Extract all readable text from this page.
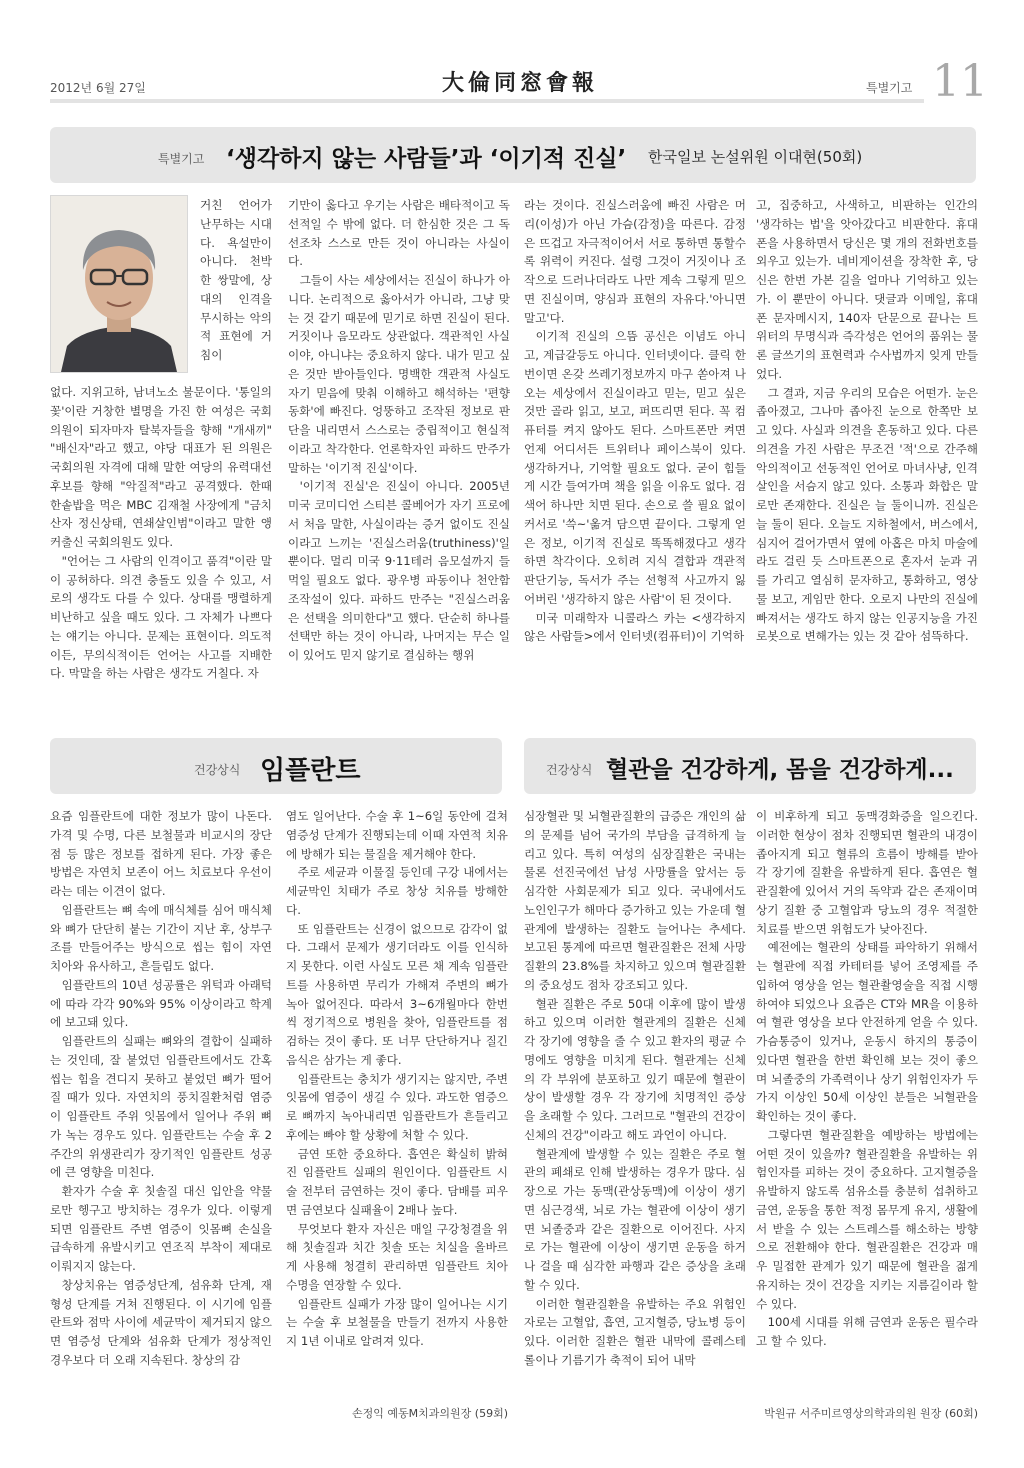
2012년 6월 27일	大倫同窓會報	특별기고 11
특별기고 ‘생각하지 않는 사람들’과 ‘이기적 진실’ 한국일보 논설위원 이대현(50회)

거친 언어가 난무하는 시대다. 욕설만이 아니다. 천박한 쌍말에, 상대의 인격을 무시하는 악의적 표현에 거침이

없다. 지위고하, 남녀노소 불문이다. '통일의 꽃'이란 거창한 별명을 가진 한 여성은 국회의원이 되자마자 탈북자들을 향해 "개새끼" "배신자"라고 했고, 야당 대표가 된 의원은 국회의원 자격에 대해 말한 여당의 유력대선후보를 향해 "악질적"라고 공격했다. 한때 한솥밥을 먹은 MBC 김재철 사장에게 "금치산자 정신상태, 연쇄살인범"이라고 말한 앵커출신 국회의원도 있다.

"언어는 그 사람의 인격이고 품격"이란 말이 공허하다. 의견 충돌도 있을 수 있고, 서로의 생각도 다를 수 있다. 상대를 맹렬하게 비난하고 싶을 때도 있다. 그 자체가 나쁘다는 얘기는 아니다. 문제는 표현이다. 의도적이든, 무의식적이든 언어는 사고를 지배한다. 막말을 하는 사람은 생각도 거칠다. 자

기만이 옳다고 우기는 사람은 배타적이고 독선적일 수 밖에 없다. 더 한심한 것은 그 독선조차 스스로 만든 것이 아니라는 사실이다.

그들이 사는 세상에서는 진실이 하나가 아니다. 논리적으로 옳아서가 아니라, 그냥 맞는 것 같기 때문에 믿기로 하면 진실이 된다. 거짓이나 음모라도 상관없다. 객관적인 사실이야, 아니냐는 중요하지 않다. 내가 믿고 싶은 것만 받아들인다. 명백한 객관적 사실도 자기 믿음에 맞춰 이해하고 해석하는 '편향동화'에 빠진다. 엉뚱하고 조작된 정보로 판단을 내리면서 스스로는 중립적이고 현실적이라고 착각한다. 언론학자인 파하드 만주가 말하는 '이기적 진실'이다.

'이기적 진실'은 진실이 아니다. 2005년 미국 코미디언 스티븐 콜베어가 자기 프로에서 처음 말한, 사실이라는 증거 없이도 진실이라고 느끼는 '진실스러움(truthiness)'일 뿐이다. 멀리 미국 9·11테러 음모설까지 들먹일 필요도 없다. 광우병 파동이나 천안함 조작설이 있다. 파하드 만주는 "진실스러움은 선택을 의미한다"고 했다. 단순히 하나를 선택만 하는 것이 아니라, 나머지는 무슨 일이 있어도 믿지 않기로 결심하는 행위

라는 것이다. 진실스러움에 빠진 사람은 머리(이성)가 아닌 가슴(감정)을 따른다. 감정은 뜨겁고 자극적이어서 서로 통하면 통할수록 위력이 커진다. 설령 그것이 거짓이나 조작으로 드러나더라도 나만 계속 그렇게 믿으면 진실이며, 양심과 표현의 자유다.'아니면 말고'다.

이기적 진실의 으뜸 공신은 이념도 아니고, 계급갈등도 아니다. 인터넷이다. 클릭 한번이면 온갖 쓰레기정보까지 마구 쏟아져 나오는 세상에서 진실이라고 믿는, 믿고 싶은 것만 골라 읽고, 보고, 퍼뜨리면 된다. 꼭 컴퓨터를 켜지 않아도 된다. 스마트폰만 켜면 언제 어디서든 트위터나 페이스북이 있다. 생각하거나, 기억할 필요도 없다. 굳이 힘들게 시간 들여가며 책을 읽을 이유도 없다. 검색어 하나만 치면 된다. 손으로 쓸 필요 없이 커서로 '쓱~'옮겨 담으면 끝이다. 그렇게 얻은 정보, 이기적 진실로 똑똑해졌다고 생각하면 착각이다. 오히려 지식 결합과 객관적 판단기능, 독서가 주는 선형적 사고까지 잃어버린 '생각하지 않은 사람'이 된 것이다.

미국 미래학자 니콜라스 카는 <생각하지 않은 사람들>에서 인터넷(컴퓨터)이 기억하

고, 집중하고, 사색하고, 비판하는 인간의 '생각하는 법'을 앗아갔다고 비판한다. 휴대폰을 사용하면서 당신은 몇 개의 전화번호를 외우고 있는가. 네비게이션을 장착한 후, 당신은 한번 가본 길을 얼마나 기억하고 있는가. 이 뿐만이 아니다. 댓글과 이메일, 휴대폰 문자메시지, 140자 단문으로 끝나는 트위터의 무명식과 즉각성은 언어의 품위는 물론 글쓰기의 표현력과 수사법까지 잊게 만들었다.

그 결과, 지금 우리의 모습은 어떤가. 눈은 좁아졌고, 그나마 좁아진 눈으로 한쪽만 보고 있다. 사실과 의견을 혼동하고 있다. 다른 의견을 가진 사람은 무조건 '적'으로 간주해 악의적이고 선동적인 언어로 마녀사냥, 인격살인을 서슴지 않고 있다. 소통과 화합은 말로만 존재한다. 진실은 늘 둘이니까. 진실은 늘 둘이 된다. 오늘도 지하철에서, 버스에서, 심지어 걸어가면서 옆에 아홉은 마치 마술에라도 걸린 듯 스마트폰으로 혼자서 눈과 귀를 가리고 열심히 문자하고, 통화하고, 영상물 보고, 게임만 한다. 오로지 나만의 진실에 빠져서는 생각도 하지 않는 인공지능을 가진 로봇으로 변해가는 있는 것 같아 섬뜩하다.

건강상식 임플란트	건강상식 혈관을 건강하게, 몸을 건강하게...

요즘 임플란트에 대한 정보가 많이 나돈다. 가격 및 수명, 다른 보철물과 비교시의 장단점 등 많은 정보를 접하게 된다. 가장 좋은 방법은 자연치 보존이 어느 치료보다 우선이라는 데는 이견이 없다.

임플란트는 뼈 속에 매식체를 심어 매식체와 뼈가 단단히 붙는 기간이 지난 후, 상부구조를 만들어주는 방식으로 씹는 힘이 자연 치아와 유사하고, 흔들림도 없다.

임플란트의 10년 성공률은 위턱과 아래턱에 따라 각각 90%와 95% 이상이라고 학계에 보고돼 있다.

임플란트의 실패는 뼈와의 결합이 실패하는 것인데, 잘 붙었던 임플란트에서도 간혹 씹는 힘을 견디지 못하고 붙었던 뼈가 떨어질 때가 있다. 자연치의 풍치질환처럼 염증이 임플란트 주위 잇몸에서 일어나 주위 뼈가 녹는 경우도 있다. 임플란트는 수술 후 2주간의 위생관리가 장기적인 임플란트 성공에 큰 영향을 미친다.

환자가 수술 후 칫솔질 대신 입안을 약물로만 헹구고 방치하는 경우가 있다. 이렇게 되면 임플란트 주변 염증이 잇몸뼈 손실을 급속하게 유발시키고 연조직 부착이 제대로 이뤄지지 않는다.

창상치유는 염증성단계, 섬유화 단계, 재형성 단계를 거쳐 진행된다. 이 시기에 임플란트와 점막 사이에 세균막이 제거되지 않으면 염증성 단계와 섬유화 단계가 정상적인 경우보다 더 오래 지속된다. 창상의 감

염도 일어난다. 수술 후 1~6일 동안에 걸쳐 염증성 단계가 진행되는데 이때 자연적 치유에 방해가 되는 물질을 제거해야 한다.

주로 세균과 이물질 등인데 구강 내에서는 세균막인 치태가 주로 창상 치유를 방해한다.

또 임플란트는 신경이 없으므로 감각이 없다. 그래서 문제가 생기더라도 이를 인식하지 못한다. 이런 사실도 모른 채 계속 임플란트를 사용하면 무리가 가해져 주변의 뼈가 녹아 없어진다. 따라서 3~6개월마다 한번씩 정기적으로 병원을 찾아, 임플란트를 점검하는 것이 좋다. 또 너무 단단하거나 질긴 음식은 삼가는 게 좋다.

임플란트는 충치가 생기지는 않지만, 주변 잇몸에 염증이 생길 수 있다. 과도한 염증으로 뼈까지 녹아내리면 임플란트가 흔들리고 후에는 빠야 할 상황에 처할 수 있다.

금연 또한 중요하다. 흡연은 확실히 밝혀진 임플란트 실패의 원인이다. 임플란트 시술 전부터 금연하는 것이 좋다. 담배를 피우면 금연보다 실패율이 2배나 높다.

무엇보다 환자 자신은 매일 구강청결을 위해 칫솔질과 치간 칫솔 또는 치실을 올바르게 사용해 청결히 관리하면 임플란트 치아 수명을 연장할 수 있다.

임플란트 실패가 가장 많이 일어나는 시기는 수술 후 보철물을 만들기 전까지 사용한지 1년 이내로 알려져 있다.

손정익 예동M치과의원장 (59회)

심장혈관 및 뇌혈관질환의 급증은 개인의 삶의 문제를 넘어 국가의 부담을 급격하게 늘리고 있다. 특히 여성의 심장질환은 국내는 물론 선진국에선 남성 사망률을 앞서는 등 심각한 사회문제가 되고 있다. 국내에서도 노인인구가 해마다 증가하고 있는 가운데 혈관계에 발생하는 질환도 늘어나는 추세다. 보고된 통계에 따르면 혈관질환은 전체 사망 질환의 23.8%를 차지하고 있으며 혈관질환의 중요성도 점차 강조되고 있다.

혈관 질환은 주로 50대 이후에 많이 발생하고 있으며 이러한 혈관계의 질환은 신체 각 장기에 영향을 줄 수 있고 환자의 평균 수명에도 영향을 미치게 된다. 혈관계는 신체의 각 부위에 분포하고 있기 때문에 혈관이 상이 발생할 경우 각 장기에 치명적인 증상을 초래할 수 있다. 그러므로 "혈관의 건강이 신체의 건강"이라고 해도 과언이 아니다.

혈관계에 발생할 수 있는 질환은 주로 혈관의 폐쇄로 인해 발생하는 경우가 많다. 심장으로 가는 동맥(관상동맥)에 이상이 생기면 심근경색, 뇌로 가는 혈관에 이상이 생기면 뇌졸중과 같은 질환으로 이어진다. 사지로 가는 혈관에 이상이 생기면 운동을 하거나 걸을 때 심각한 파행과 같은 증상을 초래할 수 있다.

이러한 혈관질환을 유발하는 주요 위험인자로는 고혈압, 흡연, 고지혈증, 당뇨병 등이 있다. 이러한 질환은 혈관 내막에 콜레스테롤이나 기름기가 축적이 되어 내막

이 비후하게 되고 동맥경화증을 일으킨다. 이러한 현상이 점차 진행되면 혈관의 내경이 좁아지게 되고 혈류의 흐름이 방해를 받아 각 장기에 질환을 유발하게 된다. 흡연은 혈관질환에 있어서 거의 독약과 같은 존재이며 상기 질환 중 고혈압과 당뇨의 경우 적절한 치료를 받으면 위험도가 낮아진다.

예전에는 혈관의 상태를 파악하기 위해서는 혈관에 직접 카테터를 넣어 조영제를 주입하여 영상을 얻는 혈관촬영술을 직접 시행하여야 되었으나 요즘은 CT와 MR을 이용하여 혈관 영상을 보다 안전하게 얻을 수 있다. 가슴통증이 있거나, 운동시 하지의 통증이 있다면 혈관을 한번 확인해 보는 것이 좋으며 뇌졸중의 가족력이나 상기 위험인자가 두가지 이상인 50세 이상인 분들은 뇌혈관을 확인하는 것이 좋다.

그렇다면 혈관질환을 예방하는 방법에는 어떤 것이 있을까? 혈관질환을 유발하는 위험인자를 피하는 것이 중요하다. 고지혈증을 유발하지 않도록 섬유소를 충분히 섭취하고 금연, 운동을 통한 적정 몸무게 유지, 생활에서 받을 수 있는 스트레스를 해소하는 방향으로 전환해야 한다. 혈관질환은 건강과 매우 밀접한 관계가 있기 때문에 혈관을 젊게 유지하는 것이 건강을 지키는 지름길이라 할 수 있다.

100세 시대를 위해 금연과 운동은 필수라고 할 수 있다.

박원규 서주미르영상의학과의원 원장 (60회)
